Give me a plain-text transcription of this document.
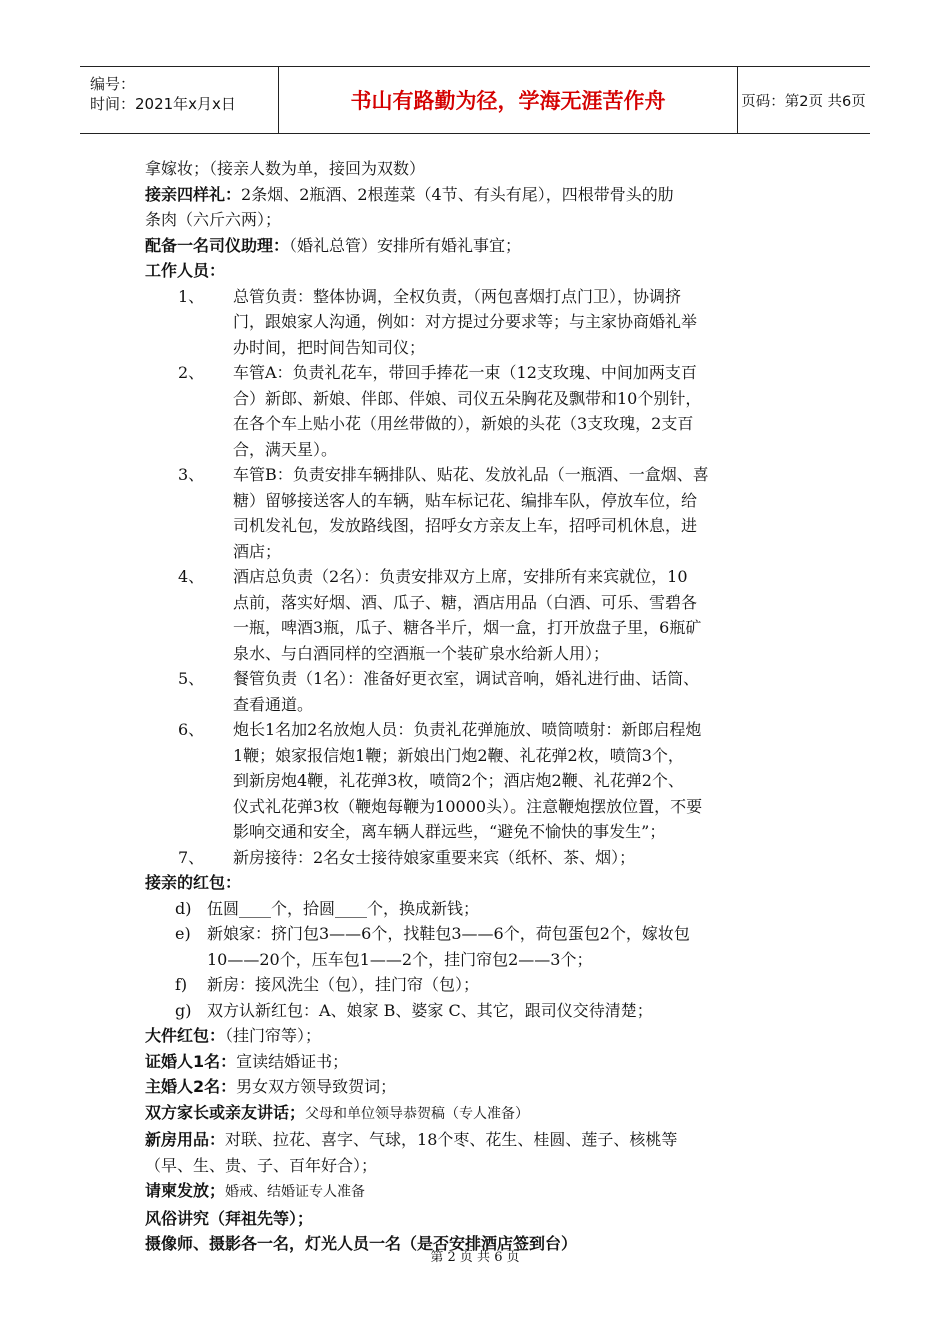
编号：
时间：2021年x月x日	书山有路勤为径，学海无涯苦作舟	页码：第2页 共6页
拿嫁妆；（接亲人数为单，接回为双数）
接亲四样礼：2条烟、2瓶酒、2根莲菜（4节、有头有尾），四根带骨头的肋
条肉（六斤六两）；
配备一名司仪助理：（婚礼总管）安排所有婚礼事宜；
工作人员：
1、	总管负责：整体协调，全权负责，（两包喜烟打点门卫），协调挤
门，跟娘家人沟通，例如：对方提过分要求等；与主家协商婚礼举
办时间，把时间告知司仪；
2、	车管A：负责礼花车，带回手捧花一束（12支玫瑰、中间加两支百
合）新郎、新娘、伴郎、伴娘、司仪五朵胸花及飘带和10个别针，
在各个车上贴小花（用丝带做的），新娘的头花（3支玫瑰，2支百
合，满天星）。
3、	车管B：负责安排车辆排队、贴花、发放礼品（一瓶酒、一盒烟、喜
糖）留够接送客人的车辆，贴车标记花、编排车队，停放车位，给
司机发礼包，发放路线图，招呼女方亲友上车，招呼司机休息，进
酒店；
4、	酒店总负责（2名）：负责安排双方上席，安排所有来宾就位，10
点前，落实好烟、酒、瓜子、糖，酒店用品（白酒、可乐、雪碧各
一瓶，啤酒3瓶，瓜子、糖各半斤，烟一盒，打开放盘子里，6瓶矿
泉水、与白酒同样的空酒瓶一个装矿泉水给新人用）；
5、	餐管负责（1名）：准备好更衣室，调试音响，婚礼进行曲、话筒、
查看通道。
6、	炮长1名加2名放炮人员：负责礼花弹施放、喷筒喷射：新郎启程炮
1鞭；娘家报信炮1鞭；新娘出门炮2鞭、礼花弹2枚，喷筒3个，
到新房炮4鞭，礼花弹3枚，喷筒2个；酒店炮2鞭、礼花弹2个、
仪式礼花弹3枚（鞭炮每鞭为10000头）。注意鞭炮摆放位置，不要
影响交通和安全，离车辆人群远些，“避免不愉快的事发生”；
7、	新房接待：2名女士接待娘家重要来宾（纸杯、茶、烟）；
接亲的红包：
d) 伍圆____个，拾圆____个，换成新钱；
e)	新娘家：挤门包3——6个，找鞋包3——6个，荷包蛋包2个，嫁妆包
10——20个，压车包1——2个，挂门帘包2——3个；
f)	新房：接风洗尘（包），挂门帘（包）；
g) 双方认新红包：A、娘家 B、婆家 C、其它，跟司仪交待清楚；
大件红包：（挂门帘等）；
证婚人1名：宣读结婚证书；
主婚人2名：男女双方领导致贺词；
双方家长或亲友讲话；父母和单位领导恭贺稿（专人准备）
新房用品：对联、拉花、喜字、气球，18个枣、花生、桂圆、莲子、核桃等
（早、生、贵、子、百年好合）；
请柬发放；婚戒、结婚证专人准备
风俗讲究（拜祖先等）；
摄像师、摄影各一名，灯光人员一名（是否安排酒店签到台）
第 2 页 共 6 页
